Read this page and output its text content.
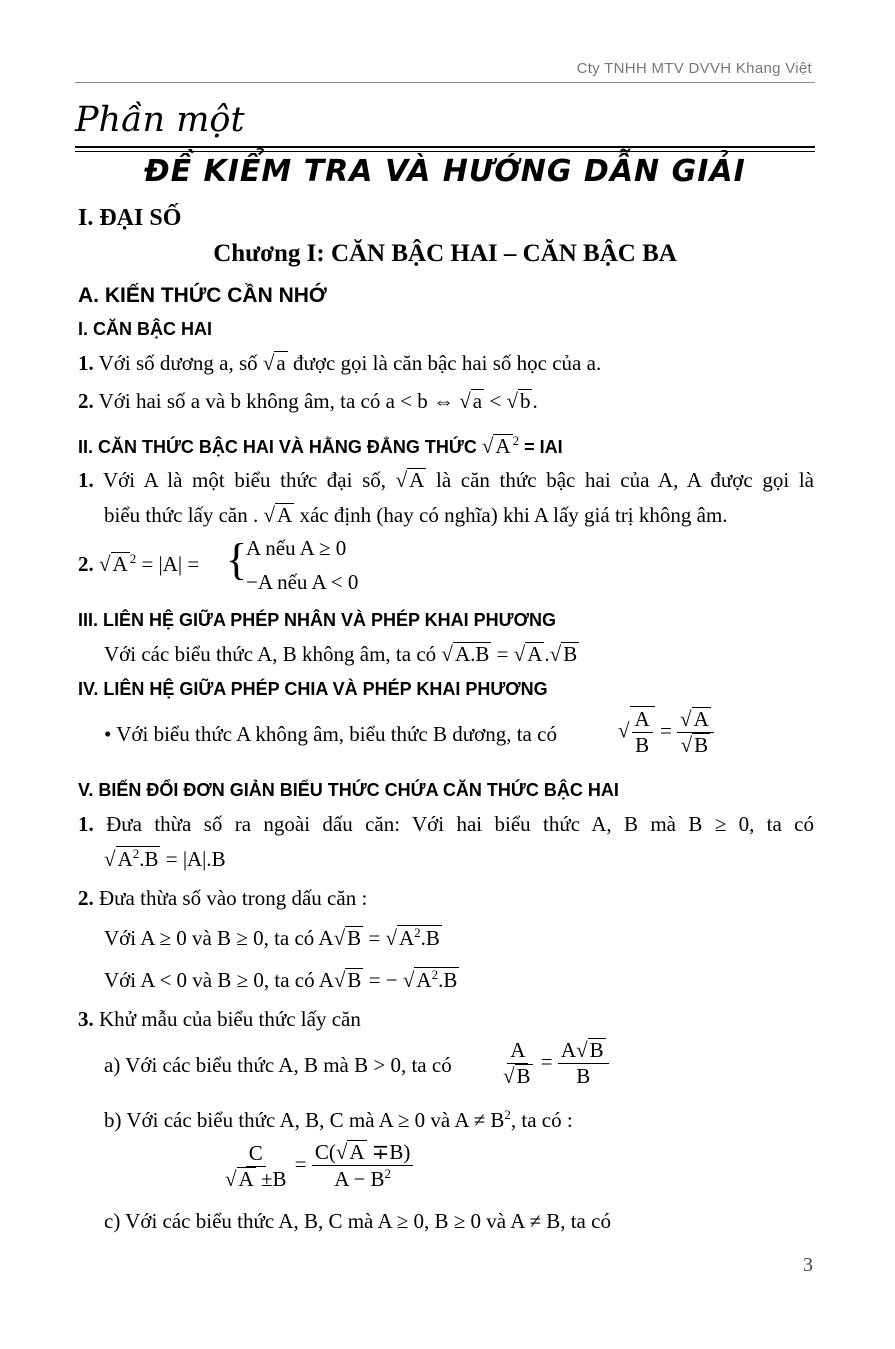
Cty TNHH MTV DVVH Khang Việt
Phần một
ĐỀ KIỂM TRA VÀ HƯỚNG DẪN GIẢI
I. ĐẠI SỐ
Chương I: CĂN BẬC HAI – CĂN BẬC BA
A. KIẾN THỨC CẦN NHỚ
I. CĂN BẬC HAI
1. Với số dương a, số √a được gọi là căn bậc hai số học của a.
2. Với hai số a và b không âm, ta có a < b ⇔ √a < √b.
II. CĂN THỨC BẬC HAI VÀ HẰNG ĐẲNG THỨC √A $^2$ = IAI
1. Với A là một biểu thức đại số, √A là căn thức bậc hai của A, A được gọi là
biểu thức lấy căn . √A xác định (hay có nghĩa) khi A lấy giá trị không âm.
2. √A $^2$ = |A| = {
A nếu A ≥ 0
−A nếu A < 0
III. LIÊN HỆ GIỮA PHÉP NHÂN VÀ PHÉP KHAI PHƯƠNG
Với các biểu thức A, B không âm, ta có √A.B = √A.√B
IV. LIÊN HỆ GIỮA PHÉP CHIA VÀ PHÉP KHAI PHƯƠNG
• Với biểu thức A không âm, biểu thức B dương, ta có	√ $\frac{A}{B} = \frac{√A}{√B}$
V. BIẾN ĐỔI ĐƠN GIẢN BIỂU THỨC CHỨA CĂN THỨC BẬC HAI
1. Đưa thừa số ra ngoài dấu căn: Với hai biểu thức A, B mà B ≥ 0, ta có
$√A^2.B = |A|.B$
2. Đưa thừa số vào trong dấu căn :
Với A ≥ 0 và B ≥ 0, ta có $A√B = √A^2.B$
Với A < 0 và B ≥ 0, ta có A√B = − $√A^2.B$
3. Khử mẫu của biểu thức lấy căn
a) Với các biểu thức A, B mà B > 0, ta có $\frac{A}{√B} = \frac{A√B}{B}$
b) Với các biểu thức A, B, C mà A ≥ 0 và $A \ne B^2$, ta có :
$\frac{C}{√A \pm B} = \frac{C(√A \mp B)}{A - B^2}$
c) Với các biểu thức A, B, C mà A ≥ 0, B ≥ 0 và A ≠ B, ta có
3
